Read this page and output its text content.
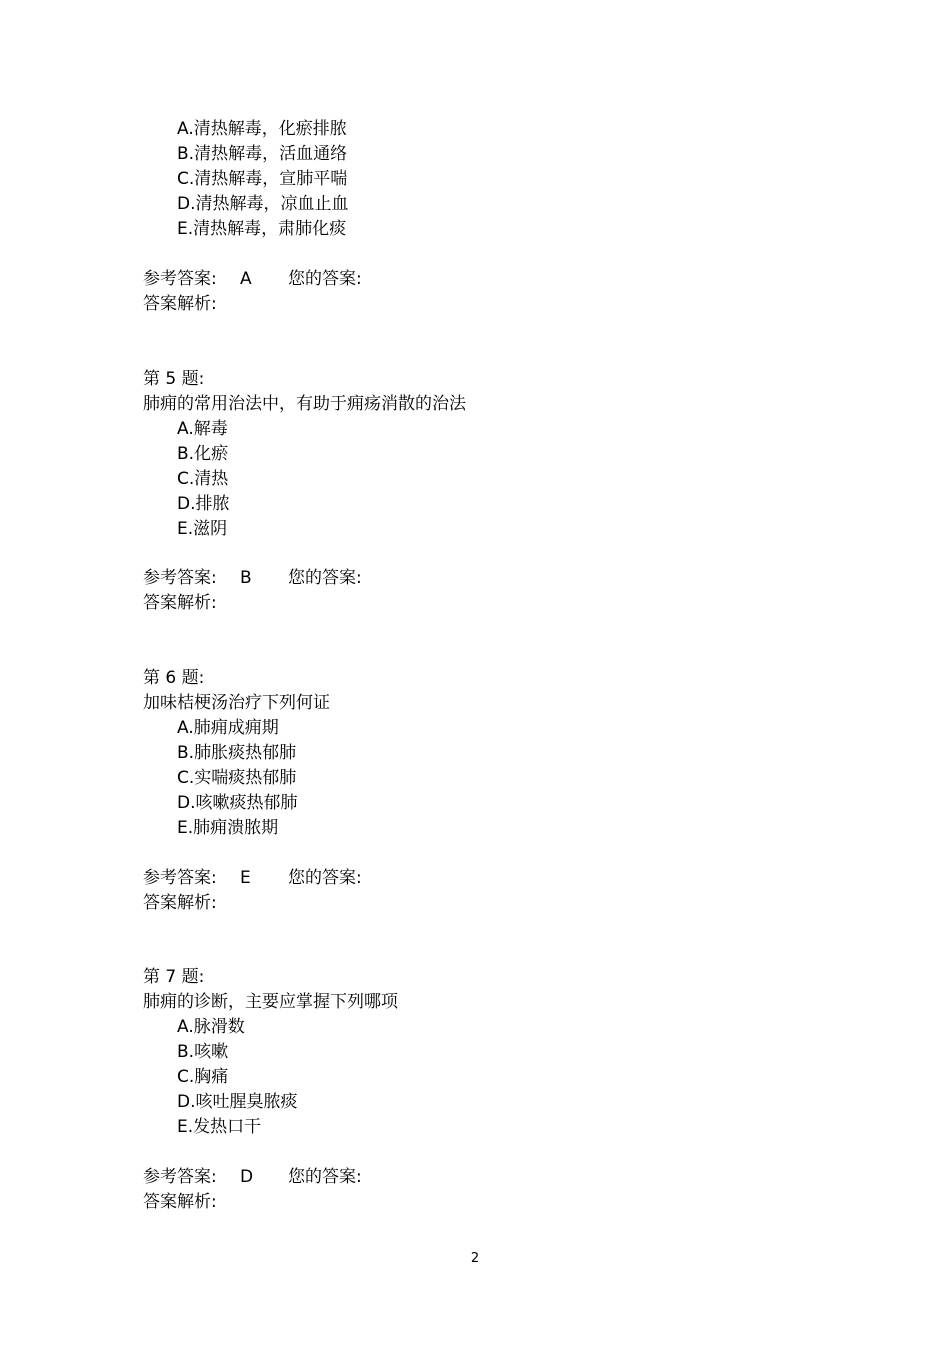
A.清热解毒，化瘀排脓
B.清热解毒，活血通络
C.清热解毒，宣肺平喘
D.清热解毒，凉血止血
E.清热解毒，肃肺化痰
参考答案: A 您的答案:
答案解析:
第 5 题:
肺痈的常用治法中，有助于痈疡消散的治法
A.解毒
B.化瘀
C.清热
D.排脓
E.滋阴
参考答案: B 您的答案:
答案解析:
第 6 题:
加味桔梗汤治疗下列何证
A.肺痈成痈期
B.肺胀痰热郁肺
C.实喘痰热郁肺
D.咳嗽痰热郁肺
E.肺痈溃脓期
参考答案: E 您的答案:
答案解析:
第 7 题:
肺痈的诊断，主要应掌握下列哪项
A.脉滑数
B.咳嗽
C.胸痛
D.咳吐腥臭脓痰
E.发热口干
参考答案: D 您的答案:
答案解析:
2
